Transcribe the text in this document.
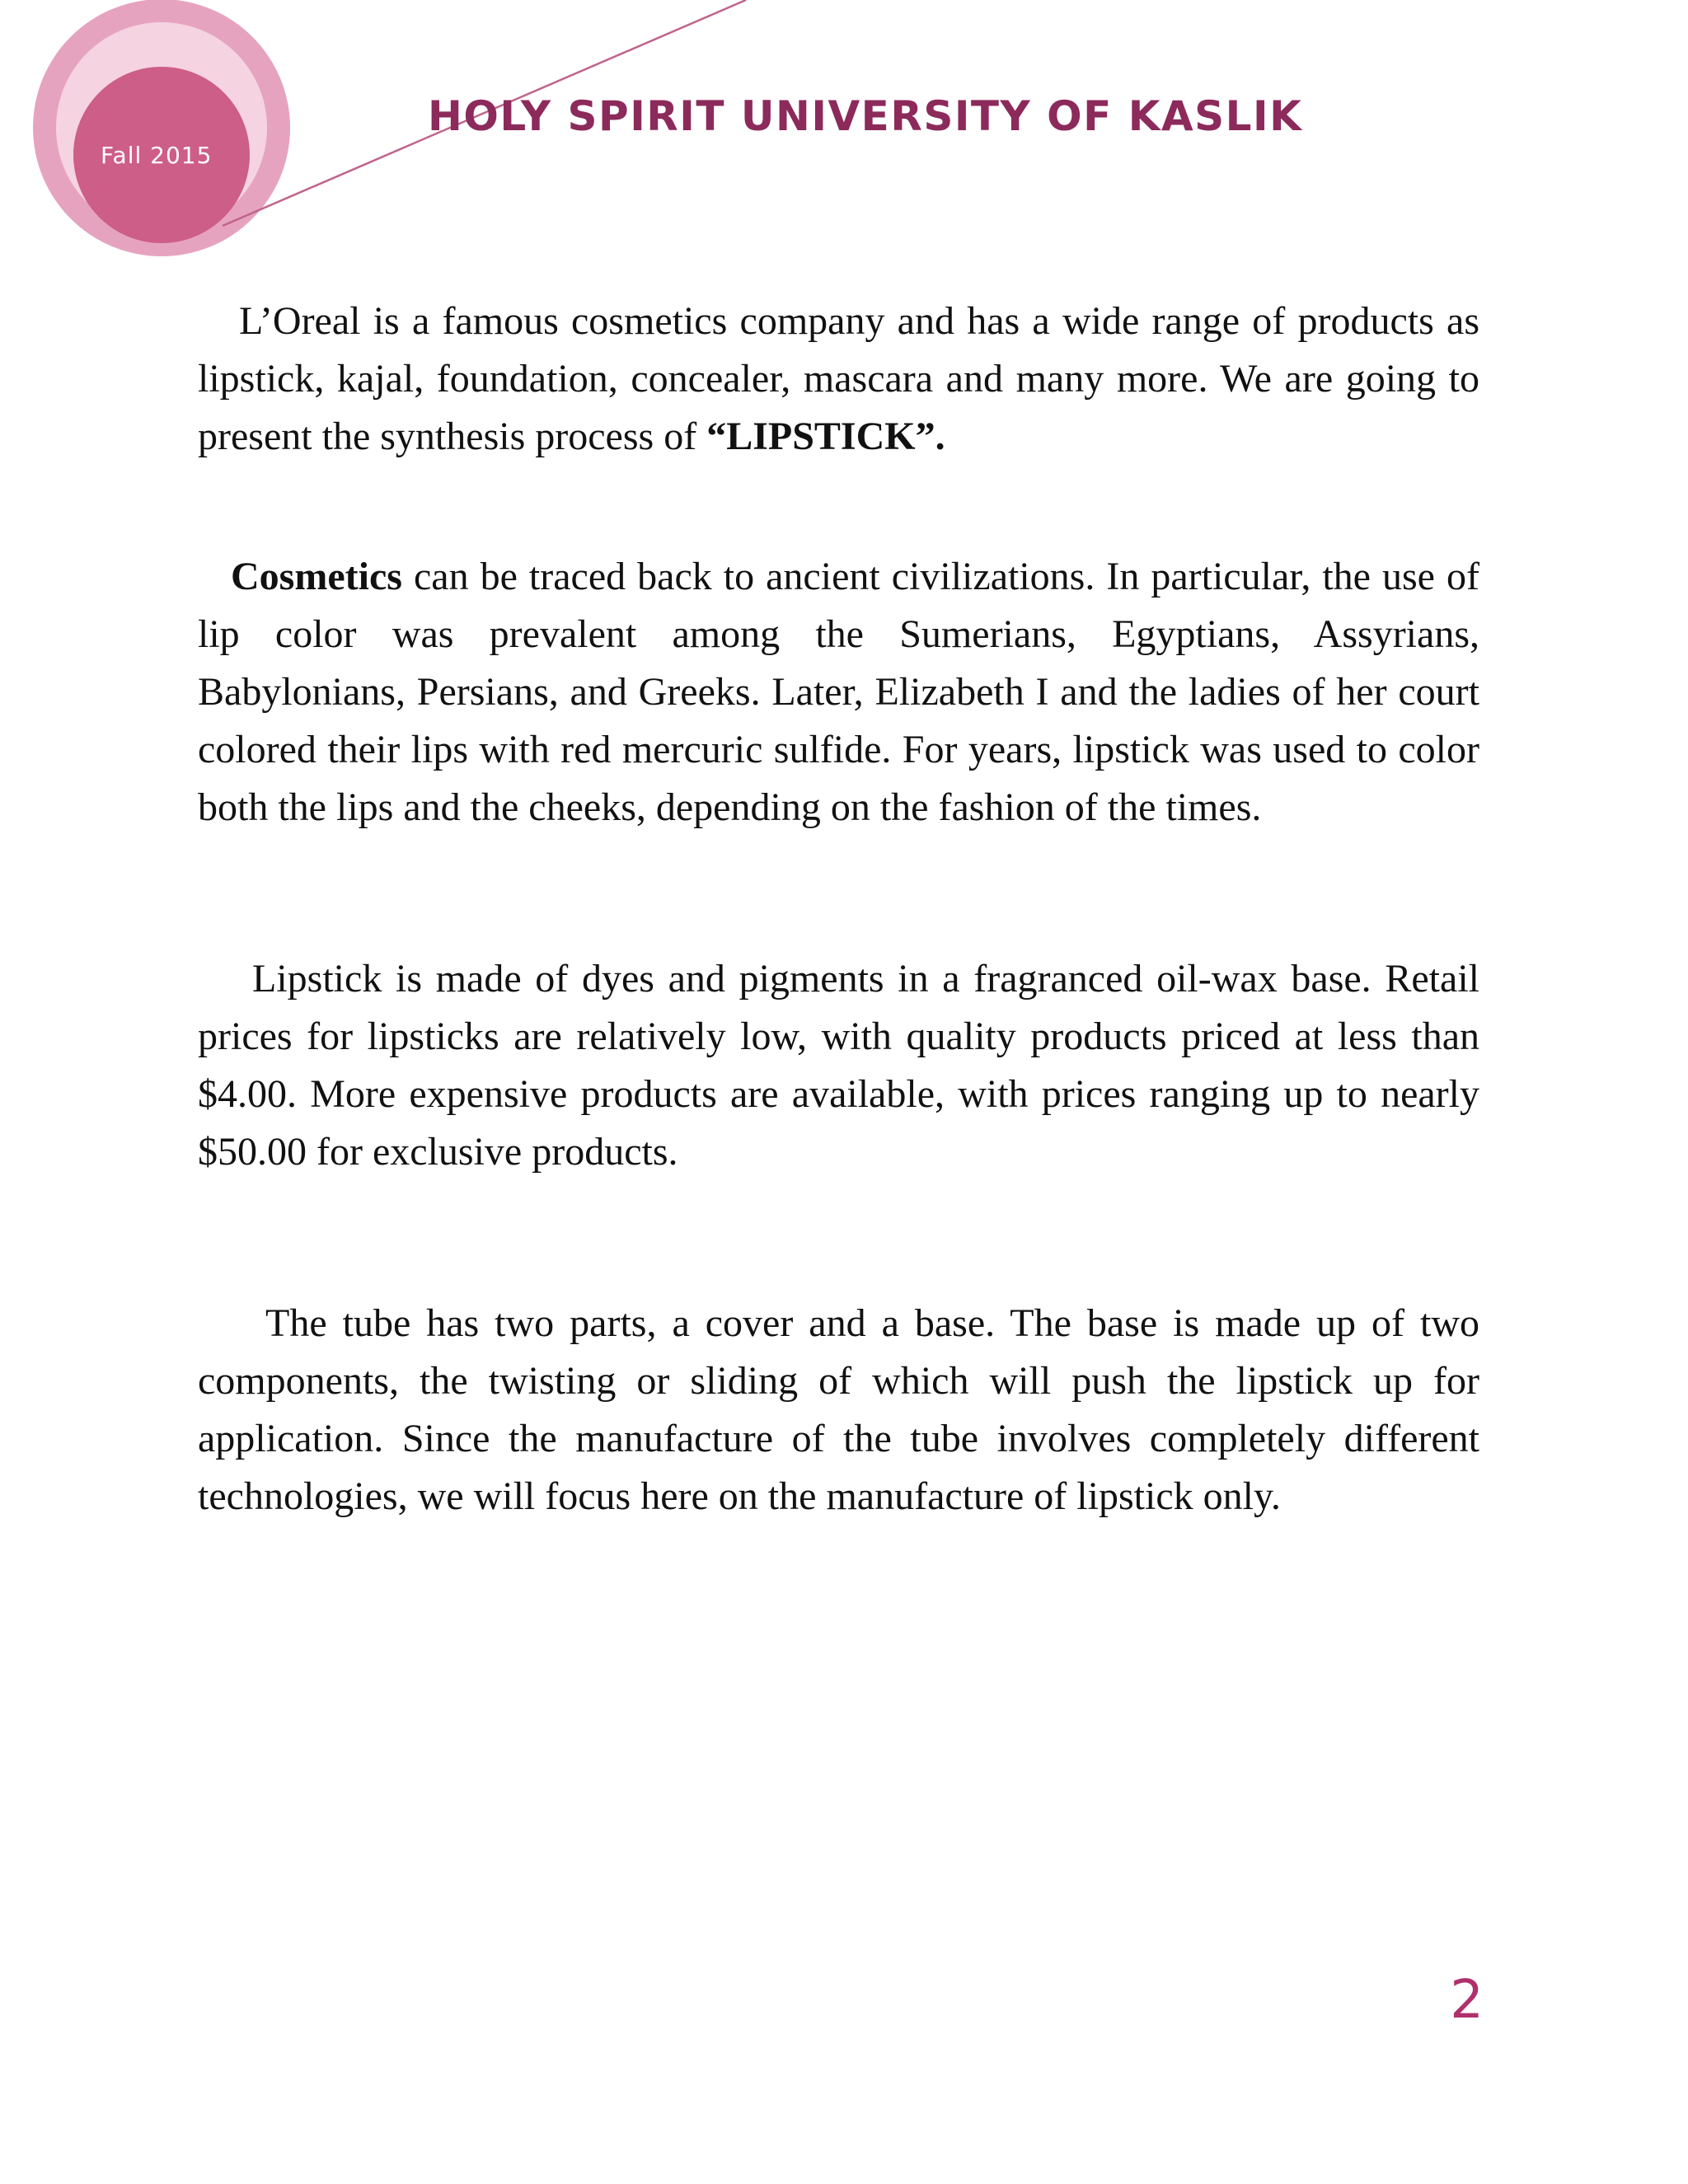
Fall 2015
HOLY SPIRIT UNIVERSITY OF KASLIK

L’Oreal is a famous cosmetics company and has a wide range of products as lipstick, kajal, foundation, concealer, mascara and many more. We are going to present the synthesis process of “LIPSTICK”.

Cosmetics can be traced back to ancient civilizations. In particular, the use of lip color was prevalent among the Sumerians, Egyptians, Assyrians, Babylonians, Persians, and Greeks. Later, Elizabeth I and the ladies of her court colored their lips with red mercuric sulfide. For years, lipstick was used to color both the lips and the cheeks, depending on the fashion of the times.

Lipstick is made of dyes and pigments in a fragranced oil-wax base. Retail prices for lipsticks are relatively low, with quality products priced at less than $4.00. More expensive products are available, with prices ranging up to nearly $50.00 for exclusive products.

The tube has two parts, a cover and a base. The base is made up of two components, the twisting or sliding of which will push the lipstick up for application. Since the manufacture of the tube involves completely different technologies, we will focus here on the manufacture of lipstick only.

2
